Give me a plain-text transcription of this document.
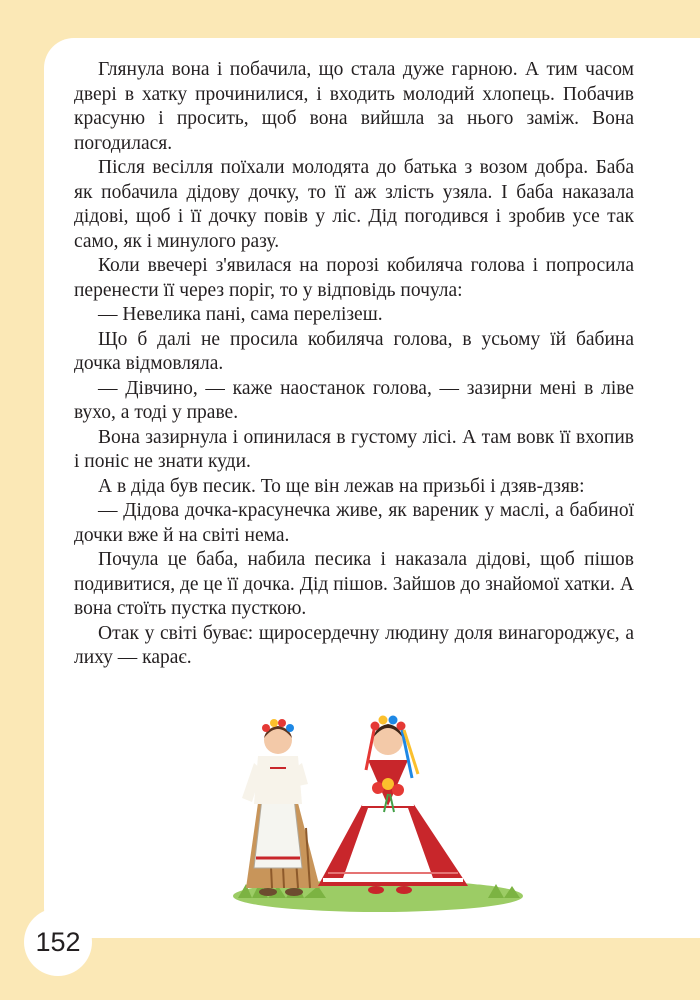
Глянула вона і побачила, що стала дуже гарною. А тим часом двері в хатку прочинилися, і входить молодий хлопець. Побачив красуню і просить, щоб вона вийшла за нього заміж. Вона погодилася.

Після весілля поїхали молодята до батька з возом добра. Баба як побачила дідову дочку, то її аж злість узяла. І баба наказала дідові, щоб і її дочку повів у ліс. Дід погодився і зробив усе так само, як і минулого разу.

Коли ввечері з'явилася на порозі кобиляча голова і попросила перенести її через поріг, то у відповідь почула:

— Невелика пані, сама перелізеш.

Що б далі не просила кобиляча голова, в усьому їй бабина дочка відмовляла.

— Дівчино, — каже наостанок голова, — зазирни мені в ліве вухо, а тоді у праве.

Вона зазирнула і опинилася в густому лісі. А там вовк її вхопив і поніс не знати куди.

А в діда був песик. То ще він лежав на призьбі і дзяв-дзяв:

— Дідова дочка-красунечка живе, як вареник у маслі, а бабиної дочки вже й на світі нема.

Почула це баба, набила песика і наказала дідові, щоб пішов подивитися, де це її дочка. Дід пішов. Зайшов до знайомої хатки. А вона стоїть пустка пусткою.

Отак у світі буває: щиросердечну людину доля винагороджує, а лиху — карає.

152
